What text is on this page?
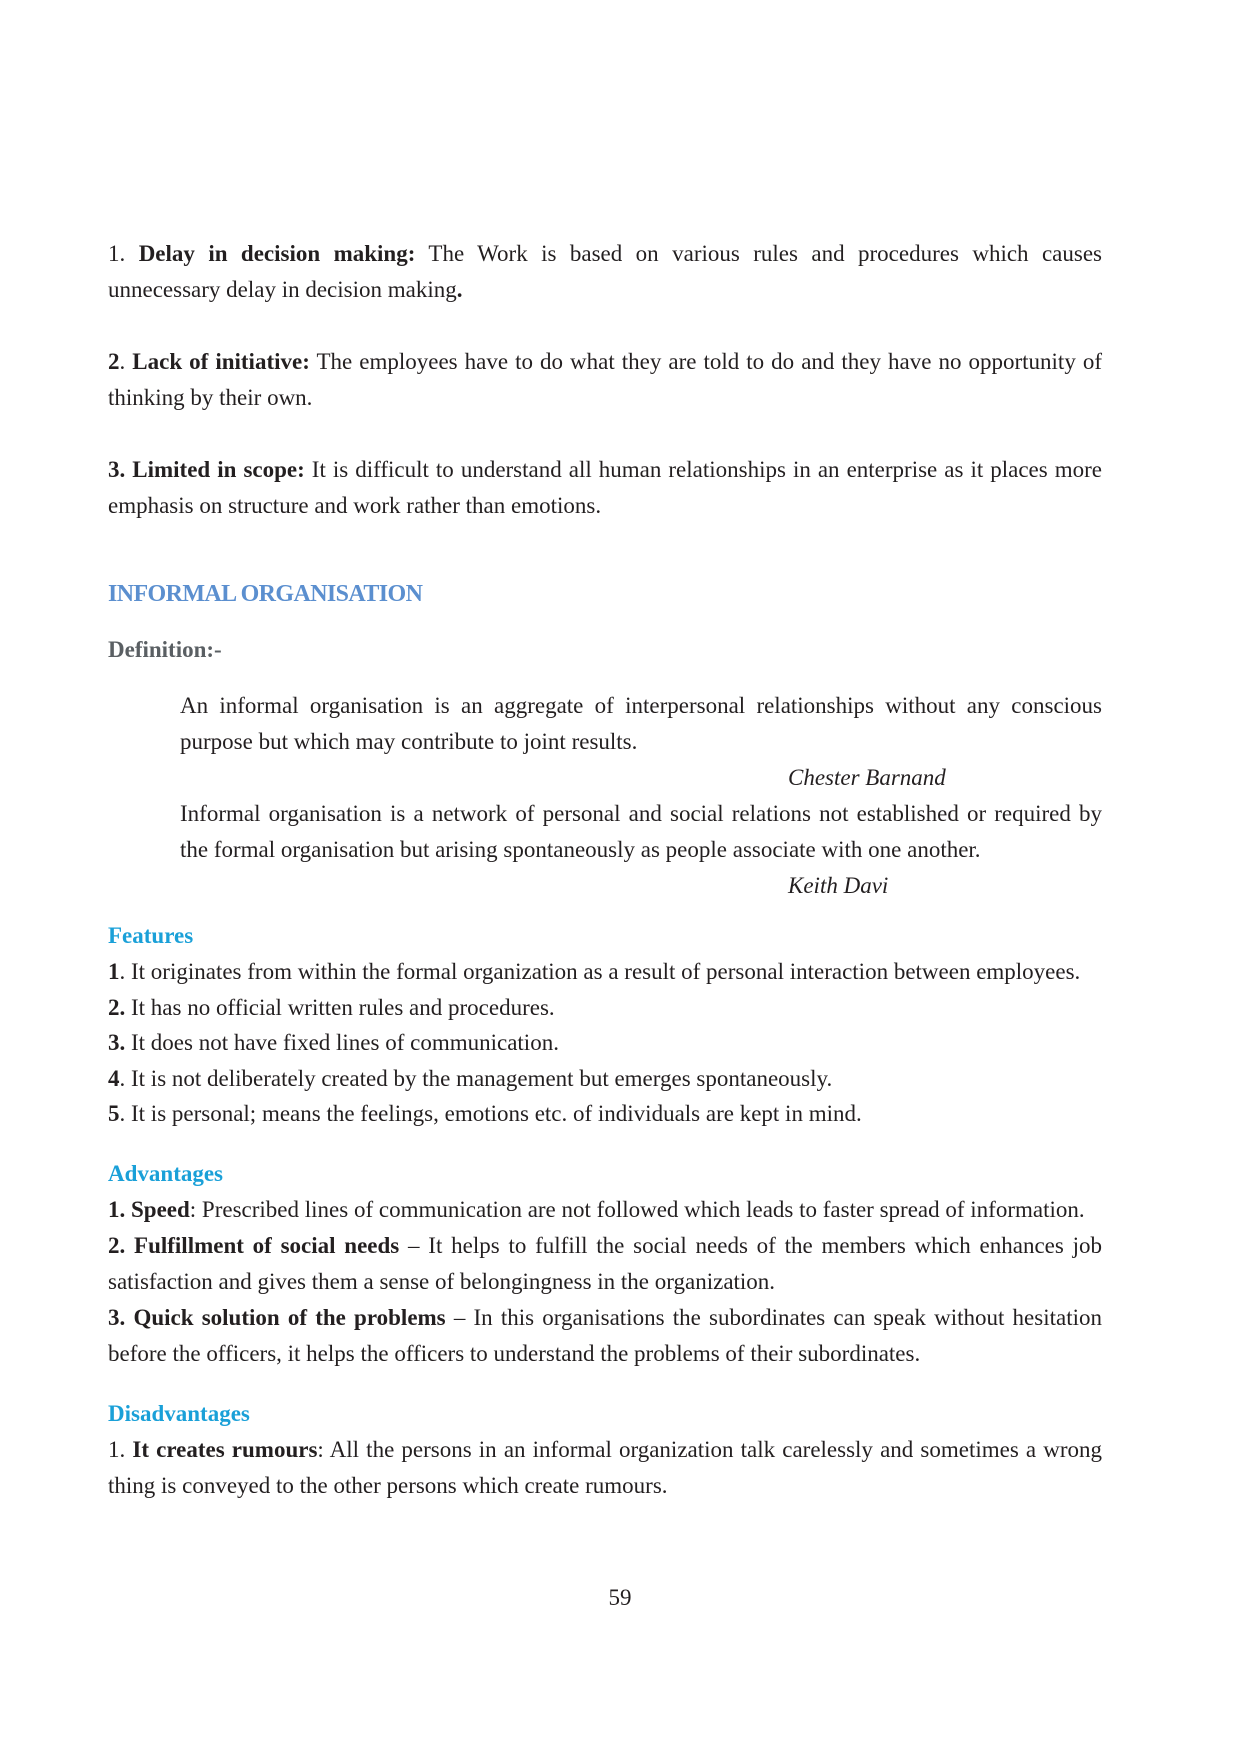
1. Delay in decision making: The Work is based on various rules and procedures which causes unnecessary delay in decision making.

2. Lack of initiative: The employees have to do what they are told to do and they have no opportunity of thinking by their own.

3. Limited in scope: It is difficult to understand all human relationships in an enterprise as it places more emphasis on structure and work rather than emotions.

INFORMAL ORGANISATION
Definition:-

An informal organisation is an aggregate of interpersonal relationships without any conscious purpose but which may contribute to joint results.

Chester Barnand

Informal organisation is a network of personal and social relations not established or required by the formal organisation but arising spontaneously as people associate with one another.

Keith Davi
Features

1. It originates from within the formal organization as a result of personal interaction between employees.

2. It has no official written rules and procedures.

3. It does not have fixed lines of communication.

4. It is not deliberately created by the management but emerges spontaneously.

5. It is personal; means the feelings, emotions etc. of individuals are kept in mind.

Advantages

1. Speed: Prescribed lines of communication are not followed which leads to faster spread of information.

2. Fulfillment of social needs – It helps to fulfill the social needs of the members which enhances job satisfaction and gives them a sense of belongingness in the organization.

3. Quick solution of the problems – In this organisations the subordinates can speak without hesitation before the officers, it helps the officers to understand the problems of their subordinates.

Disadvantages

1. It creates rumours: All the persons in an informal organization talk carelessly and sometimes a wrong thing is conveyed to the other persons which create rumours.

59
